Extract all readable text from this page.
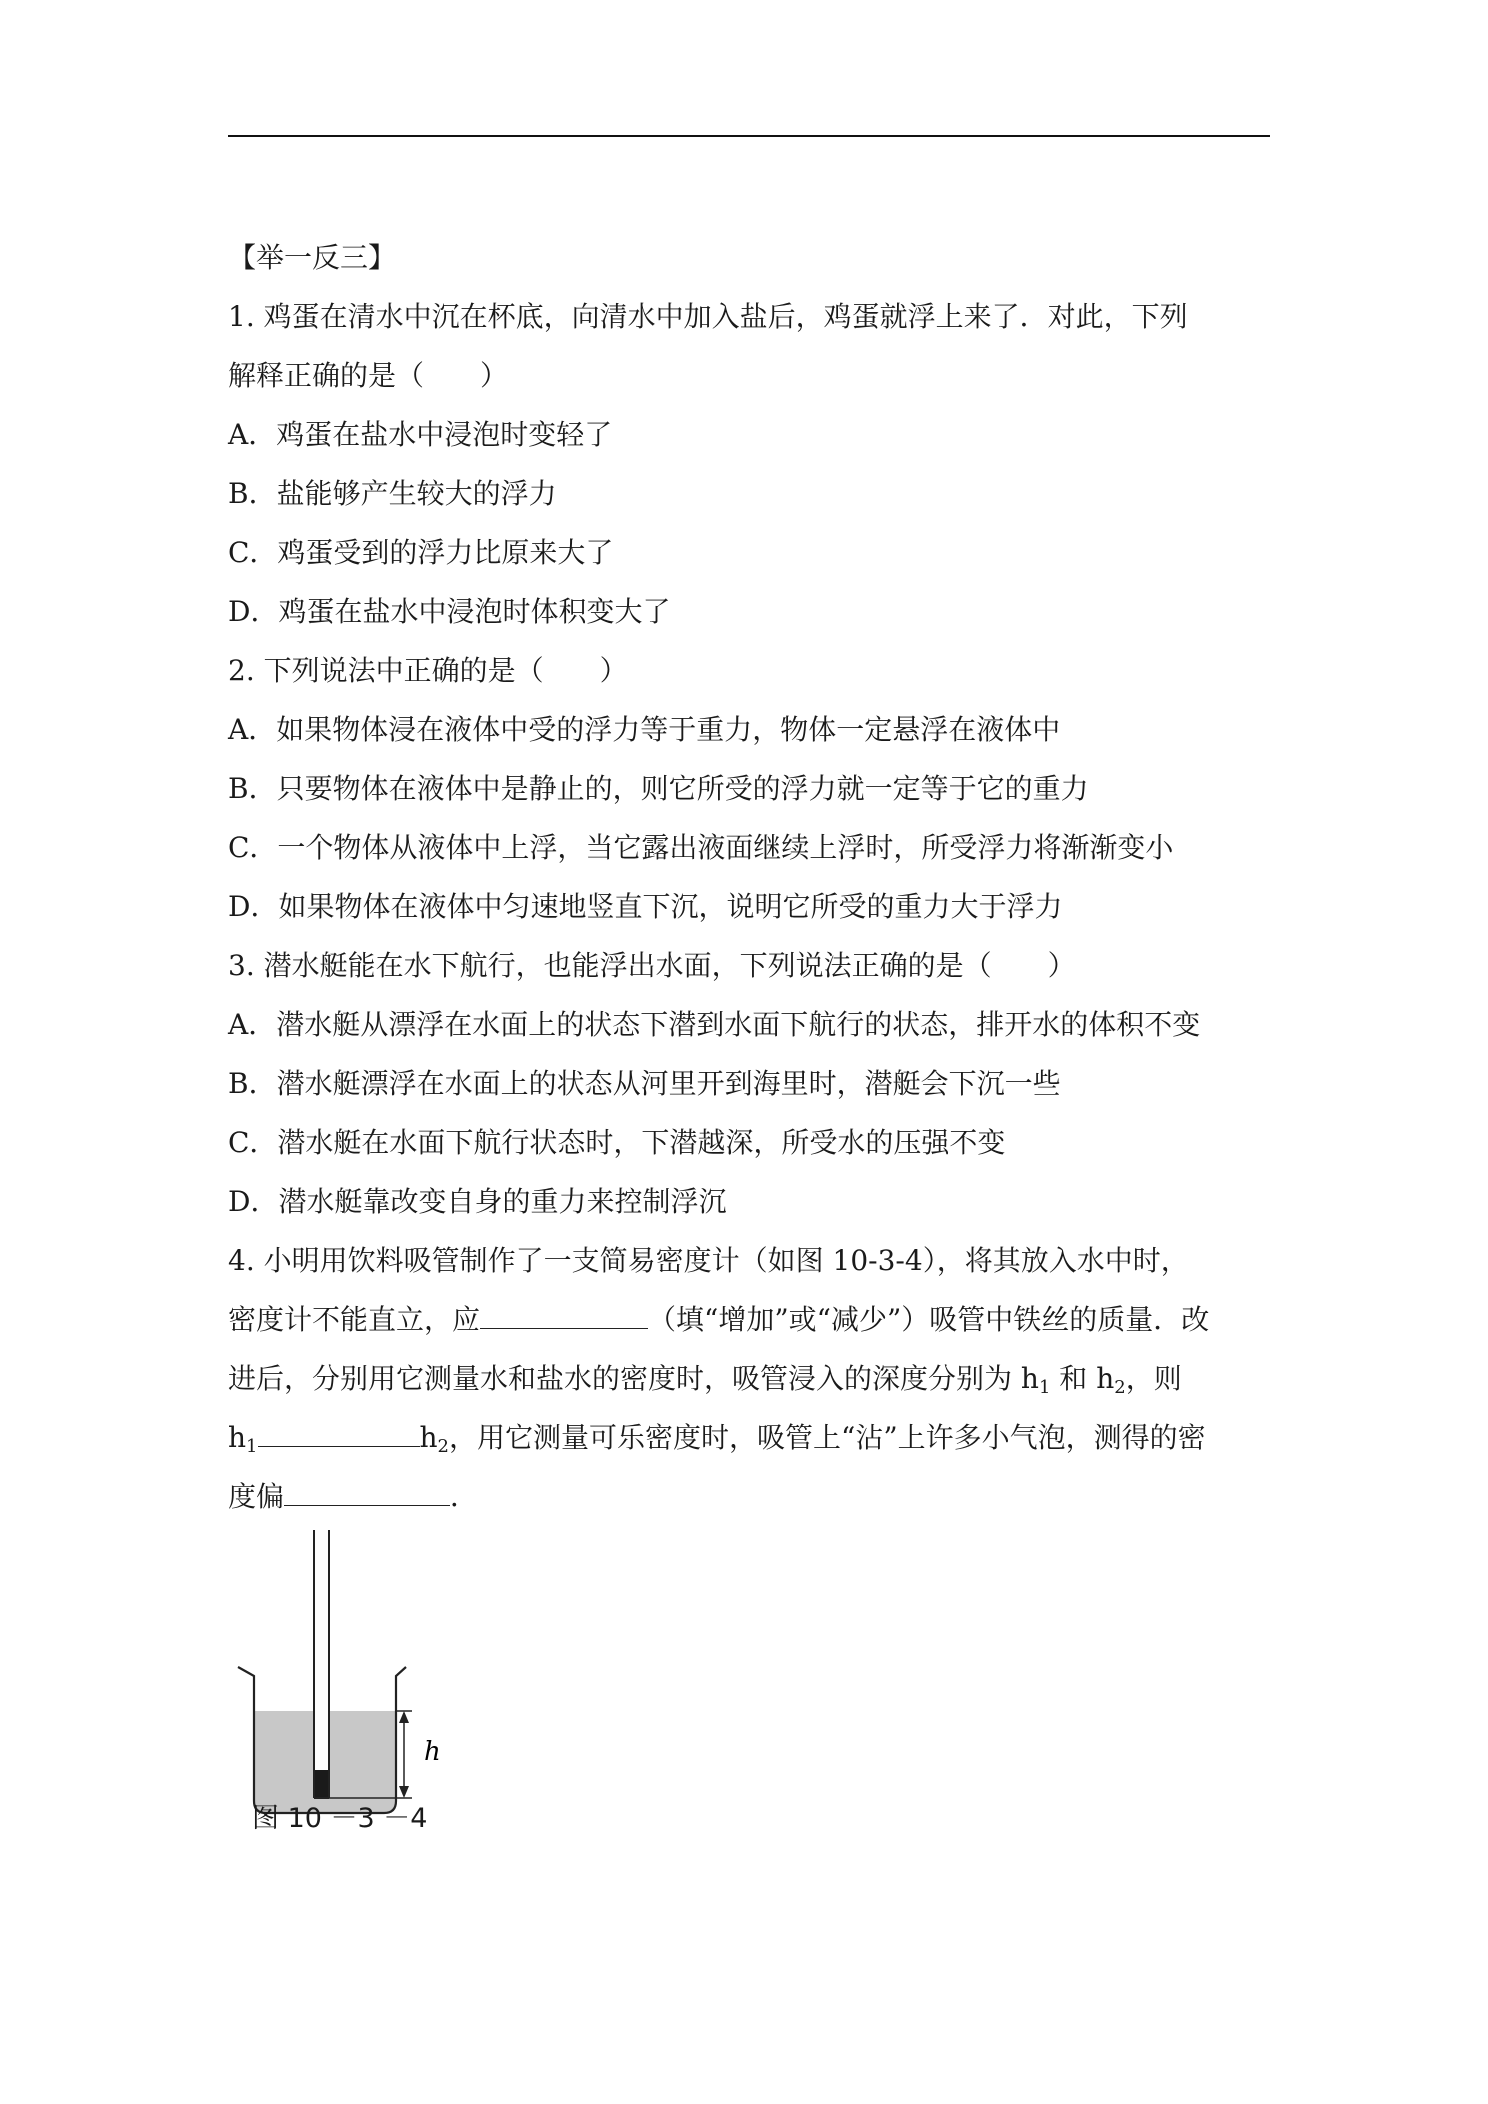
【举一反三】
1. 鸡蛋在清水中沉在杯底，向清水中加入盐后，鸡蛋就浮上来了．对此，下列
解释正确的是（　　）
A．鸡蛋在盐水中浸泡时变轻了
B．盐能够产生较大的浮力
C．鸡蛋受到的浮力比原来大了
D．鸡蛋在盐水中浸泡时体积变大了
2. 下列说法中正确的是（　　）
A．如果物体浸在液体中受的浮力等于重力，物体一定悬浮在液体中
B．只要物体在液体中是静止的，则它所受的浮力就一定等于它的重力
C．一个物体从液体中上浮，当它露出液面继续上浮时，所受浮力将渐渐变小
D．如果物体在液体中匀速地竖直下沉，说明它所受的重力大于浮力
3. 潜水艇能在水下航行，也能浮出水面，下列说法正确的是（　　）
A．潜水艇从漂浮在水面上的状态下潜到水面下航行的状态，排开水的体积不变
B．潜水艇漂浮在水面上的状态从河里开到海里时，潜艇会下沉一些
C．潜水艇在水面下航行状态时，下潜越深，所受水的压强不变
D．潜水艇靠改变自身的重力来控制浮沉
4. 小明用饮料吸管制作了一支简易密度计（如图 10-3-4），将其放入水中时，
密度计不能直立，应	（填“增加”或“减少”）吸管中铁丝的质量．改
进后，分别用它测量水和盐水的密度时，吸管浸入的深度分别为 $h_1$ 和 $h_2$，则
$h_1$	$h_2$，用它测量可乐密度时，吸管上“沾”上许多小气泡，测得的密
度偏	．
h
图 10 －3 －4
